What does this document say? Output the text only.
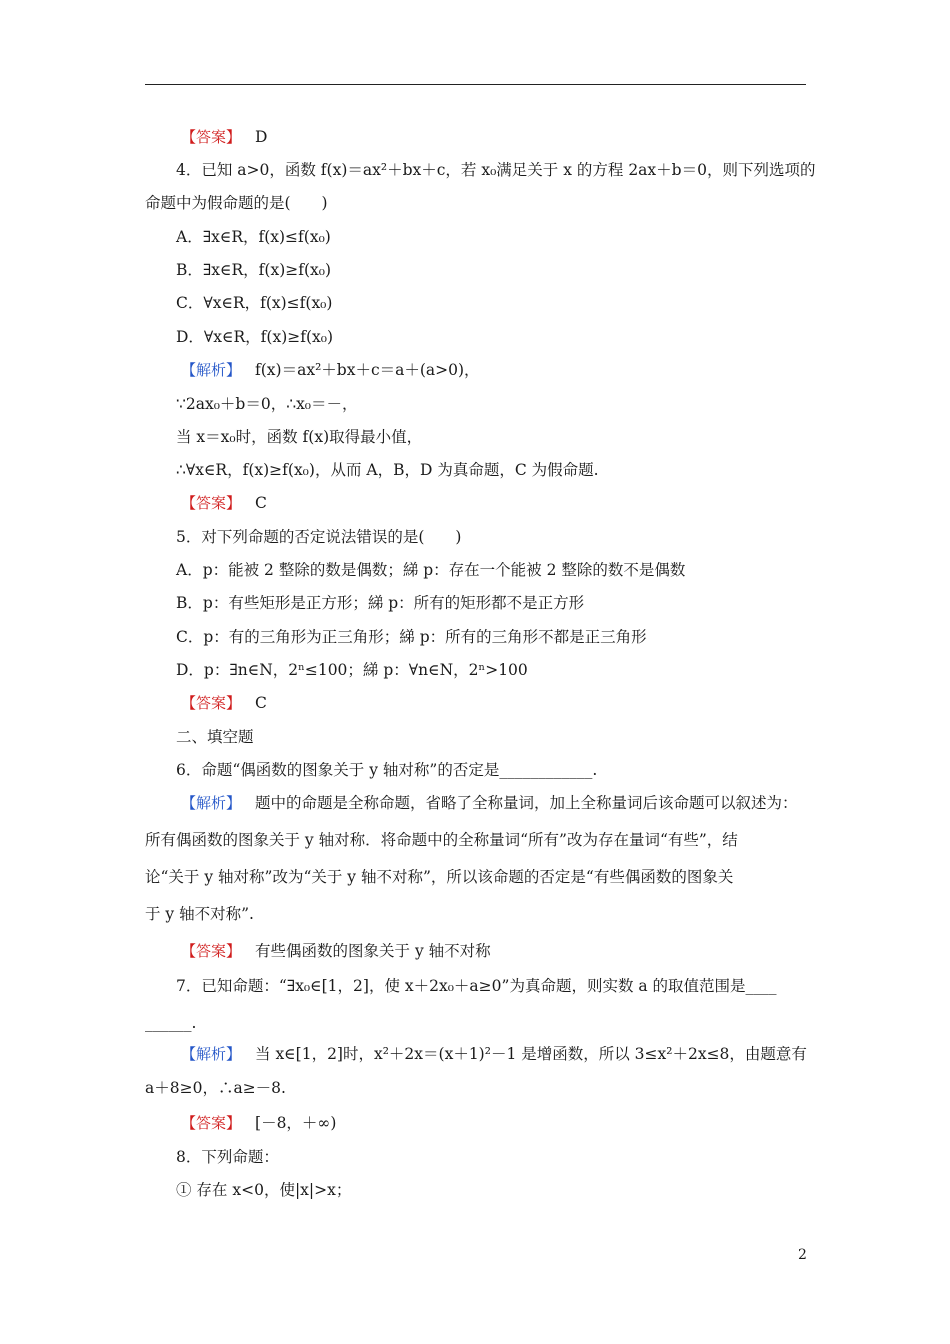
【答案】 D
4．已知 a>0，函数 f(x)＝ax²＋bx＋c，若 x₀满足关于 x 的方程 2ax＋b＝0，则下列选项的
命题中为假命题的是(　　)
A．∃x∈R，f(x)≤f(x₀)
B．∃x∈R，f(x)≥f(x₀)
C．∀x∈R，f(x)≤f(x₀)
D．∀x∈R，f(x)≥f(x₀)
【解析】 f(x)＝ax²＋bx＋c＝a＋(a>0)，
∵2ax₀＋b＝0，∴x₀＝－，
当 x＝x₀时，函数 f(x)取得最小值，
∴∀x∈R，f(x)≥f(x₀)，从而 A，B，D 为真命题，C 为假命题.
【答案】 C
5．对下列命题的否定说法错误的是(　　)
A．p：能被 2 整除的数是偶数；綈 p：存在一个能被 2 整除的数不是偶数
B．p：有些矩形是正方形；綈 p：所有的矩形都不是正方形
C．p：有的三角形为正三角形；綈 p：所有的三角形不都是正三角形
D．p：∃n∈N，2ⁿ≤100；綈 p：∀n∈N，2ⁿ>100
【答案】 C
二、填空题
6．命题“偶函数的图象关于 y 轴对称”的否定是____________.
【解析】 题中的命题是全称命题，省略了全称量词，加上全称量词后该命题可以叙述为：
所有偶函数的图象关于 y 轴对称．将命题中的全称量词“所有”改为存在量词“有些”，结
论“关于 y 轴对称”改为“关于 y 轴不对称”，所以该命题的否定是“有些偶函数的图象关
于 y 轴不对称”.
【答案】 有些偶函数的图象关于 y 轴不对称
7．已知命题：“∃x₀∈[1，2]，使 x＋2x₀＋a≥0”为真命题，则实数 a 的取值范围是____
______.
【解析】 当 x∈[1，2]时，x²＋2x＝(x＋1)²－1 是增函数，所以 3≤x²＋2x≤8，由题意有
a＋8≥0，∴a≥－8.
【答案】 [－8，＋∞)
8．下列命题：
① 存在 x<0，使|x|>x；
2
